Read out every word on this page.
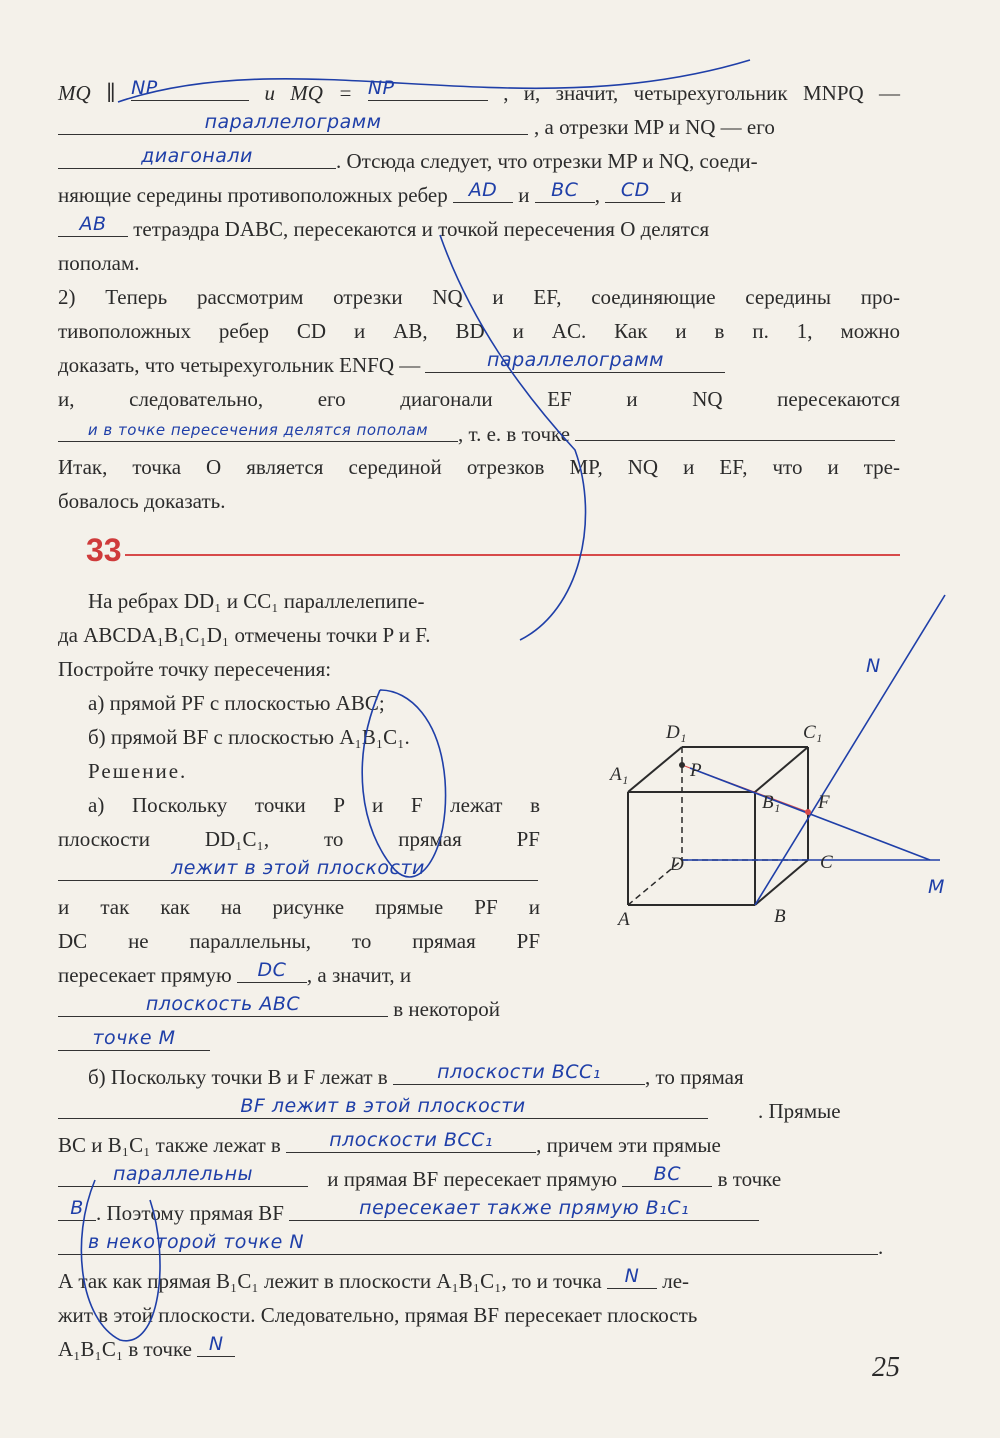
MQ ∥ NP	и MQ = NP	, и, значит, четырехугольник MNPQ —
параллелограмм	, а отрезки MP и NQ — его
диагонали	. Отсюда следует, что отрезки MP и NQ, соеди-
няющие середины противоположных ребер AD и BC , CD и
AB тетраэдра DABC, пересекаются и точкой пересечения O делятся
пополам.
2) Теперь рассмотрим отрезки NQ и EF, соединяющие середины про-
тивоположных ребер CD и AB, BD и AC. Как и в п. 1, можно
доказать, что четырехугольник ENFQ —	параллелограмм
и, следовательно, его диагонали EF и NQ пересекаются
$^{и в точке пересечения делятся пополам}$ , т. е. в точке
Итак, точка O является серединой отрезков MP, NQ и EF, что и тре-
бовалось доказать.
33
На ребрах DD₁ и CC₁ параллелепипе-
да ABCDA₁B₁C₁D₁ отмечены точки P и F.
Постройте точку пересечения:
а) прямой PF с плоскостью ABC;
б) прямой BF с плоскостью A₁B₁C₁.
Решение.
а) Поскольку точки P и F лежат в
плоскости DD₁C₁, то прямая PF
лежит в этой плоскости
и так как на рисунке прямые PF и
DC не параллельны, то прямая PF
пересекает прямую DC , а значит, и
плоскость ABC	в некоторой
точке M
б) Поскольку точки B и F лежат в	плоскости BCC₁ , то прямая
BF лежит в этой плоскости	. Прямые
BC и B₁C₁ также лежат в	плоскости BCC₁ , причем эти прямые
параллельны	и прямая BF пересекает прямую BC в точке
B . Поэтому прямая BF	пересекает также прямую B₁C₁
в некоторой точке N	.
А так как прямая B₁C₁ лежит в плоскости A₁B₁C₁, то и точка N ле-
жит в этой плоскости. Следовательно, прямая BF пересекает плоскость
A₁B₁C₁ в точке N
25
D₁	C₁
A₁
B₁
P
F
D	C
A	B
N
M
